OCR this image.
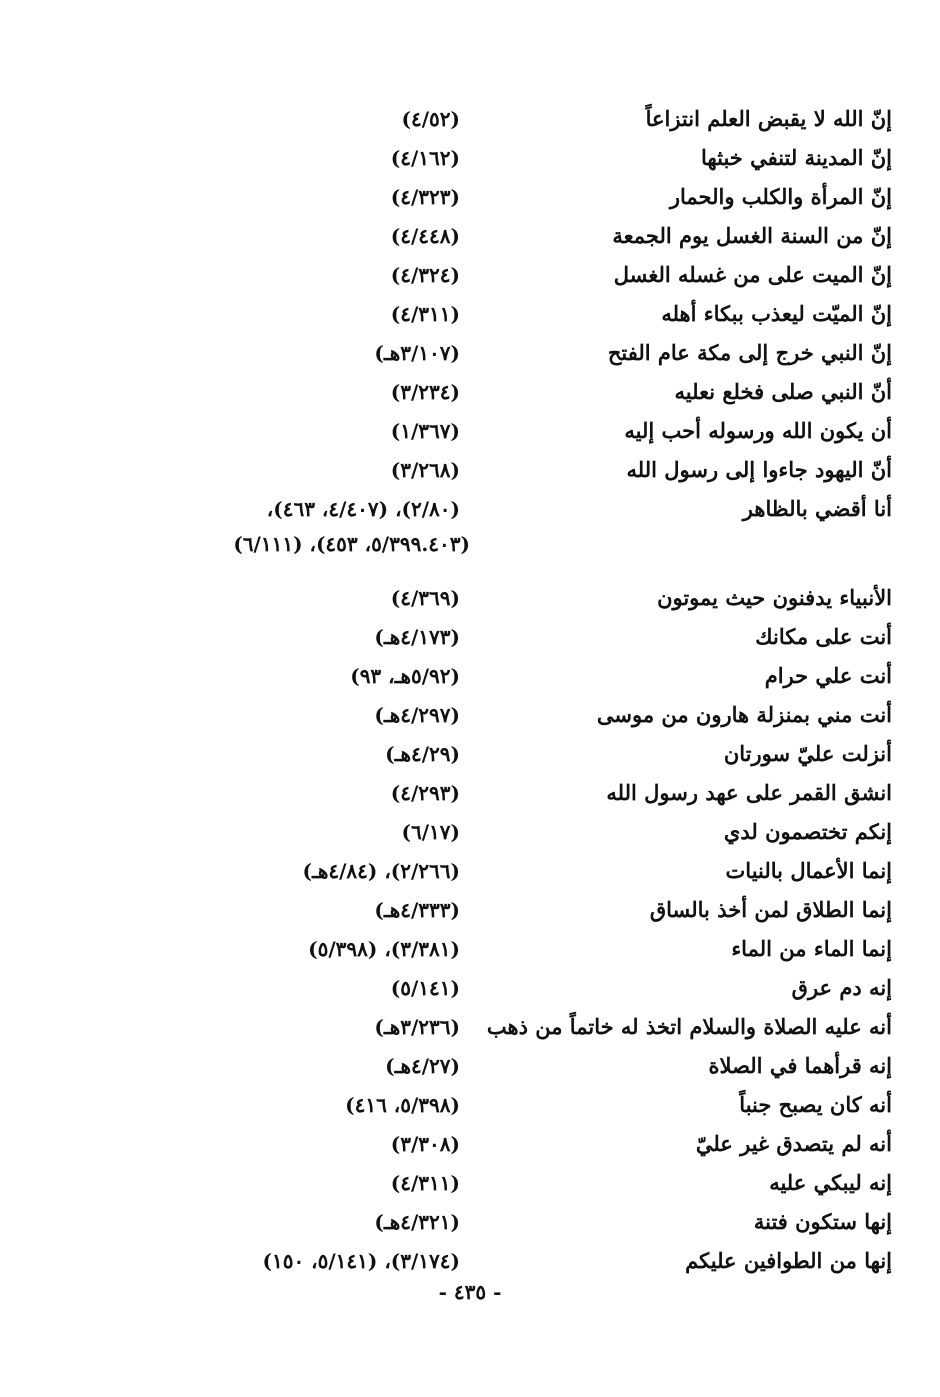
إنّ الله لا يقبض العلم انتزاعاً
(٤/٥٢)
إنّ المدينة لتنفي خبثها
(٤/١٦٢)
إنّ المرأة والكلب والحمار
(٤/٣٢٣)
إنّ من السنة الغسل يوم الجمعة
(٤/٤٤٨)
إنّ الميت على من غسله الغسل
(٤/٣٢٤)
إنّ الميّت ليعذب ببكاء أهله
(٤/٣١١)
إنّ النبي خرج إلى مكة عام الفتح
(٣/١٠٧هـ)
أنّ النبي صلى فخلع نعليه
(٣/٢٣٤)
أن يكون الله ورسوله أحب إليه
(١/٣٦٧)
أنّ اليهود جاءوا إلى رسول الله
(٣/٢٦٨)
أنا أقضي بالظاهر
(٢/٨٠)، (٤/٤٠٧، ٤٦٣)،
(٥/٣٩٩.٤٠٣، ٤٥٣)، (٦/١١١)
الأنبياء يدفنون حيث يموتون
(٤/٣٦٩)
أنت على مكانك
(٤/١٧٣هـ)
أنت علي حرام
(٥/٩٢هـ، ٩٣)
أنت مني بمنزلة هارون من موسى
(٤/٢٩٧هـ)
أنزلت عليّ سورتان
(٤/٢٩هـ)
انشق القمر على عهد رسول الله
(٤/٢٩٣)
إنكم تختصمون لدي
(٦/١٧)
إنما الأعمال بالنيات
(٢/٢٦٦)، (٤/٨٤هـ)
إنما الطلاق لمن أخذ بالساق
(٤/٣٣٣هـ)
إنما الماء من الماء
(٣/٣٨١)، (٥/٣٩٨)
إنه دم عرق
(٥/١٤١)
أنه عليه الصلاة والسلام اتخذ له خاتماً من ذهب
(٣/٢٣٦هـ)
إنه قرأهما في الصلاة
(٤/٢٧هـ)
أنه كان يصبح جنباً
(٥/٣٩٨، ٤١٦)
أنه لم يتصدق غير عليّ
(٣/٣٠٨)
إنه ليبكي عليه
(٤/٣١١)
إنها ستكون فتنة
(٤/٣٢١هـ)
إنها من الطوافين عليكم
(٣/١٧٤)، (٥/١٤١، ١٥٠)
- ٤٣٥ -
